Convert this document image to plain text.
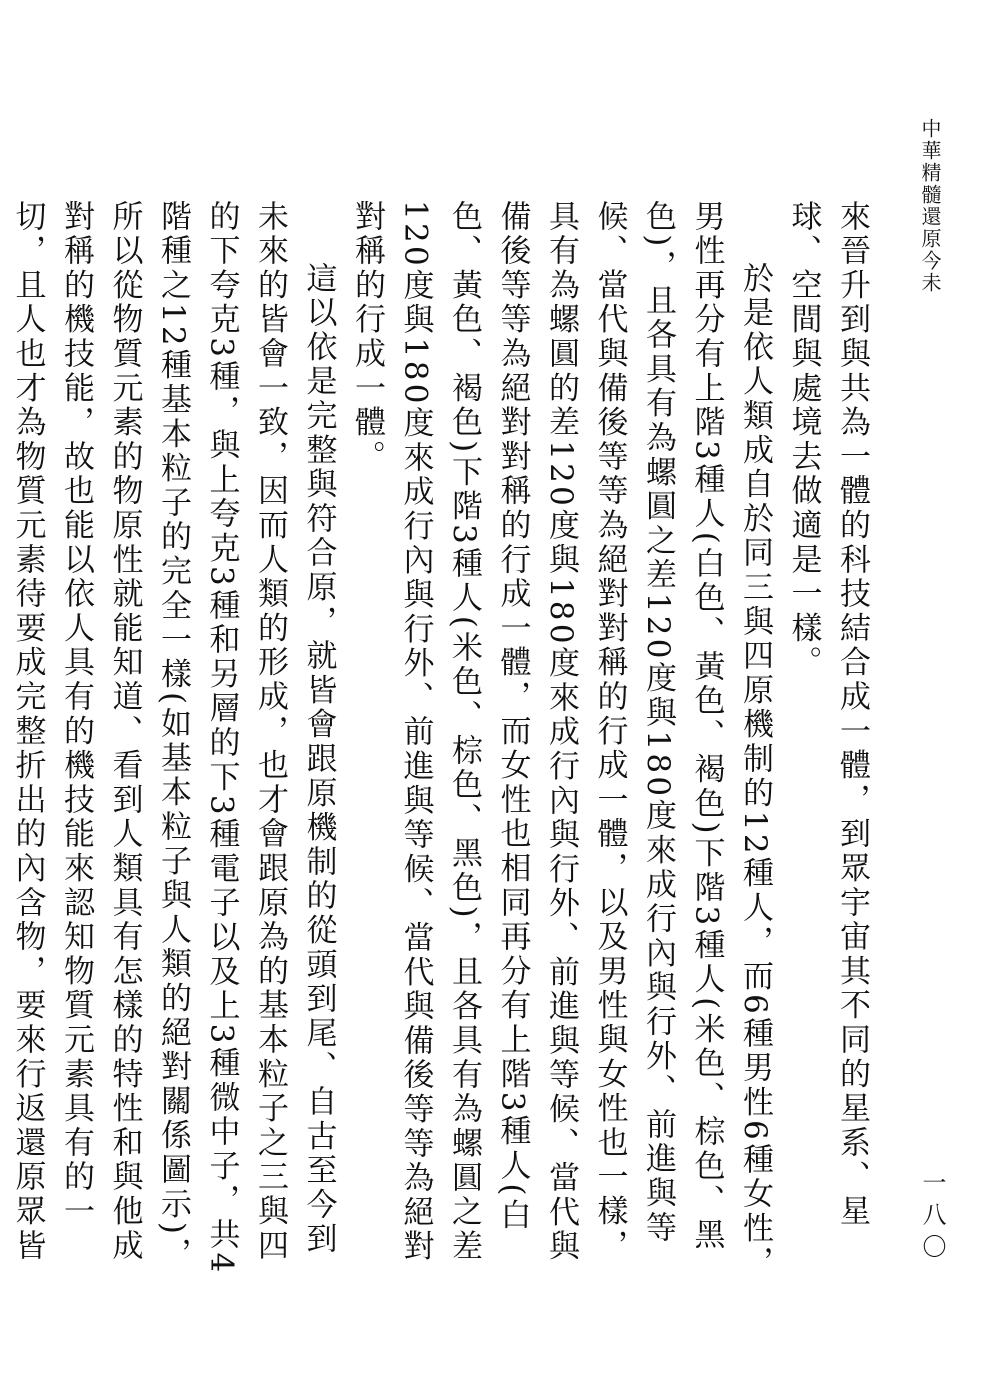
中華精髓還原今未

來晉升到與共為一體的科技結合成一體，到眾宇宙其不同的星系、星球、空間與處境去做適是一樣。

於是依人類成自於同三與四原機制的12種人，而6種男性6種女性，男性再分有上階3種人(白色、黃色、褐色)下階3種人(米色、棕色、黑色)，且各具有為螺圓之差120度與180度來成行內與行外、前進與等候、當代與備後等等為絕對對稱的行成一體，以及男性與女性也一樣，具有為螺圓的差120度與180度來成行內與行外、前進與等候、當代與備後等等為絕對對稱的行成一體，而女性也相同再分有上階3種人(白色、黃色、褐色)下階3種人(米色、棕色、黑色)，且各具有為螺圓之差120度與180度來成行內與行外、前進與等候、當代與備後等等為絕對對稱的行成一體。

這以依是完整與符合原，就皆會跟原機制的從頭到尾、自古至今到未來的皆會一致，因而人類的形成，也才會跟原為的基本粒子之三與四的下夸克3種，與上夸克3種和另層的下3種電子以及上3種微中子，共4階種之12種基本粒子的完全一樣(如基本粒子與人類的絕對關係圖示)，所以從物質元素的物原性就能知道、看到人類具有怎樣的特性和與他成對稱的機技能，故也能以依人具有的機技能來認知物質元素具有的一切，且人也才為物質元素待要成完整折出的內含物，要來行返還原眾皆	一八〇
